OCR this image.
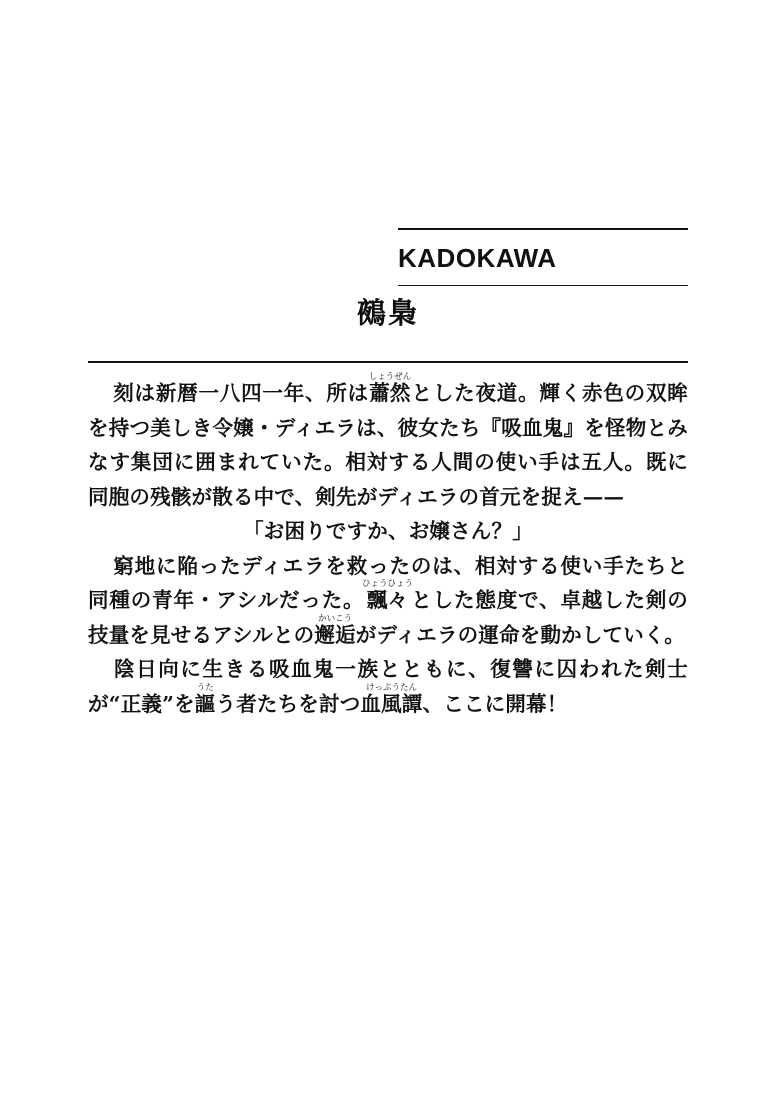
KADOKAWA
鵺梟

刻は新暦一八四一年、所は蕭然しょうぜんとした夜道。輝く赤色の双眸を持つ美しき令嬢・ディエラは、彼女たち『吸血鬼』を怪物とみなす集団に囲まれていた。相対する人間の使い手は五人。既に同胞の残骸が散る中で、剣先がディエラの首元を捉え——

「お困りですか、お嬢さん？」

窮地に陥ったディエラを救ったのは、相対する使い手たちと同種の青年・アシルだった。飄々ひょうひょうとした態度で、卓越した剣の技量を見せるアシルとの邂逅かいこうがディエラの運命を動かしていく。

陰日向に生きる吸血鬼一族とともに、復讐に囚われた剣士が“正義”を謳うたう者たちを討つ血風譚けっぷうたん、ここに開幕！
